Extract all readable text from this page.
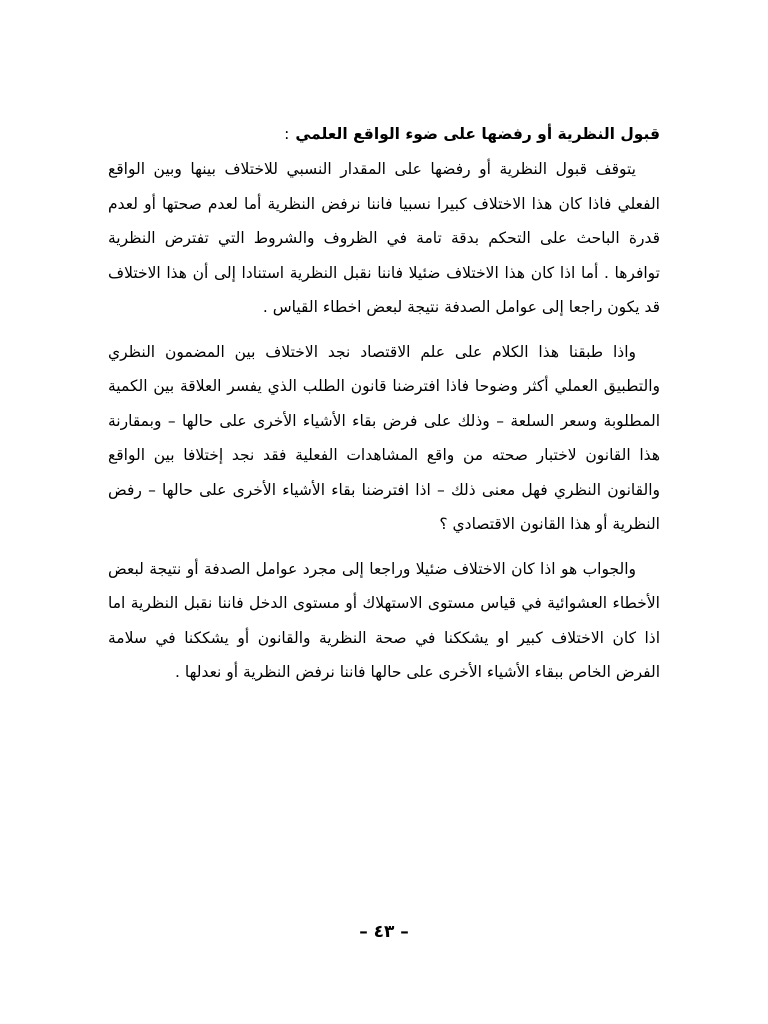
قبول النظرية أو رفضها على ضوء الواقع العلمي:

يتوقف قبول النظرية أو رفضها على المقدار النسبي للاختلاف بينها وبين الواقع الفعلي فاذا كان هذا الاختلاف كبيرا نسبيا فاننا نرفض النظرية أما لعدم صحتها أو لعدم قدرة الباحث على التحكم بدقة تامة في الظروف والشروط التي تفترض النظرية توافرها . أما اذا كان هذا الاختلاف ضئيلا فاننا نقبل النظرية استنادا إلى أن هذا الاختلاف قد يكون راجعا إلى عوامل الصدفة نتيجة لبعض اخطاء القياس .

واذا طبقنا هذا الكلام على علم الاقتصاد نجد الاختلاف بين المضمون النظري والتطبيق العملي أكثر وضوحا فاذا افترضنا قانون الطلب الذي يفسر العلاقة بين الكمية المطلوبة وسعر السلعة – وذلك على فرض بقاء الأشياء الأخرى على حالها – وبمقارنة هذا القانون لاختبار صحته من واقع المشاهدات الفعلية فقد نجد إختلافا بين الواقع والقانون النظري فهل معنى ذلك – اذا افترضنا بقاء الأشياء الأخرى على حالها – رفض النظرية أو هذا القانون الاقتصادي ؟

والجواب هو اذا كان الاختلاف ضئيلا وراجعا إلى مجرد عوامل الصدفة أو نتيجة لبعض الأخطاء العشوائية في قياس مستوى الاستهلاك أو مستوى الدخل فاننا نقبل النظرية اما اذا كان الاختلاف كبير او يشككنا في صحة النظرية والقانون أو يشككنا في سلامة الفرض الخاص ببقاء الأشياء الأخرى على حالها فاننا نرفض النظرية أو نعدلها .

– ٤٣ –
